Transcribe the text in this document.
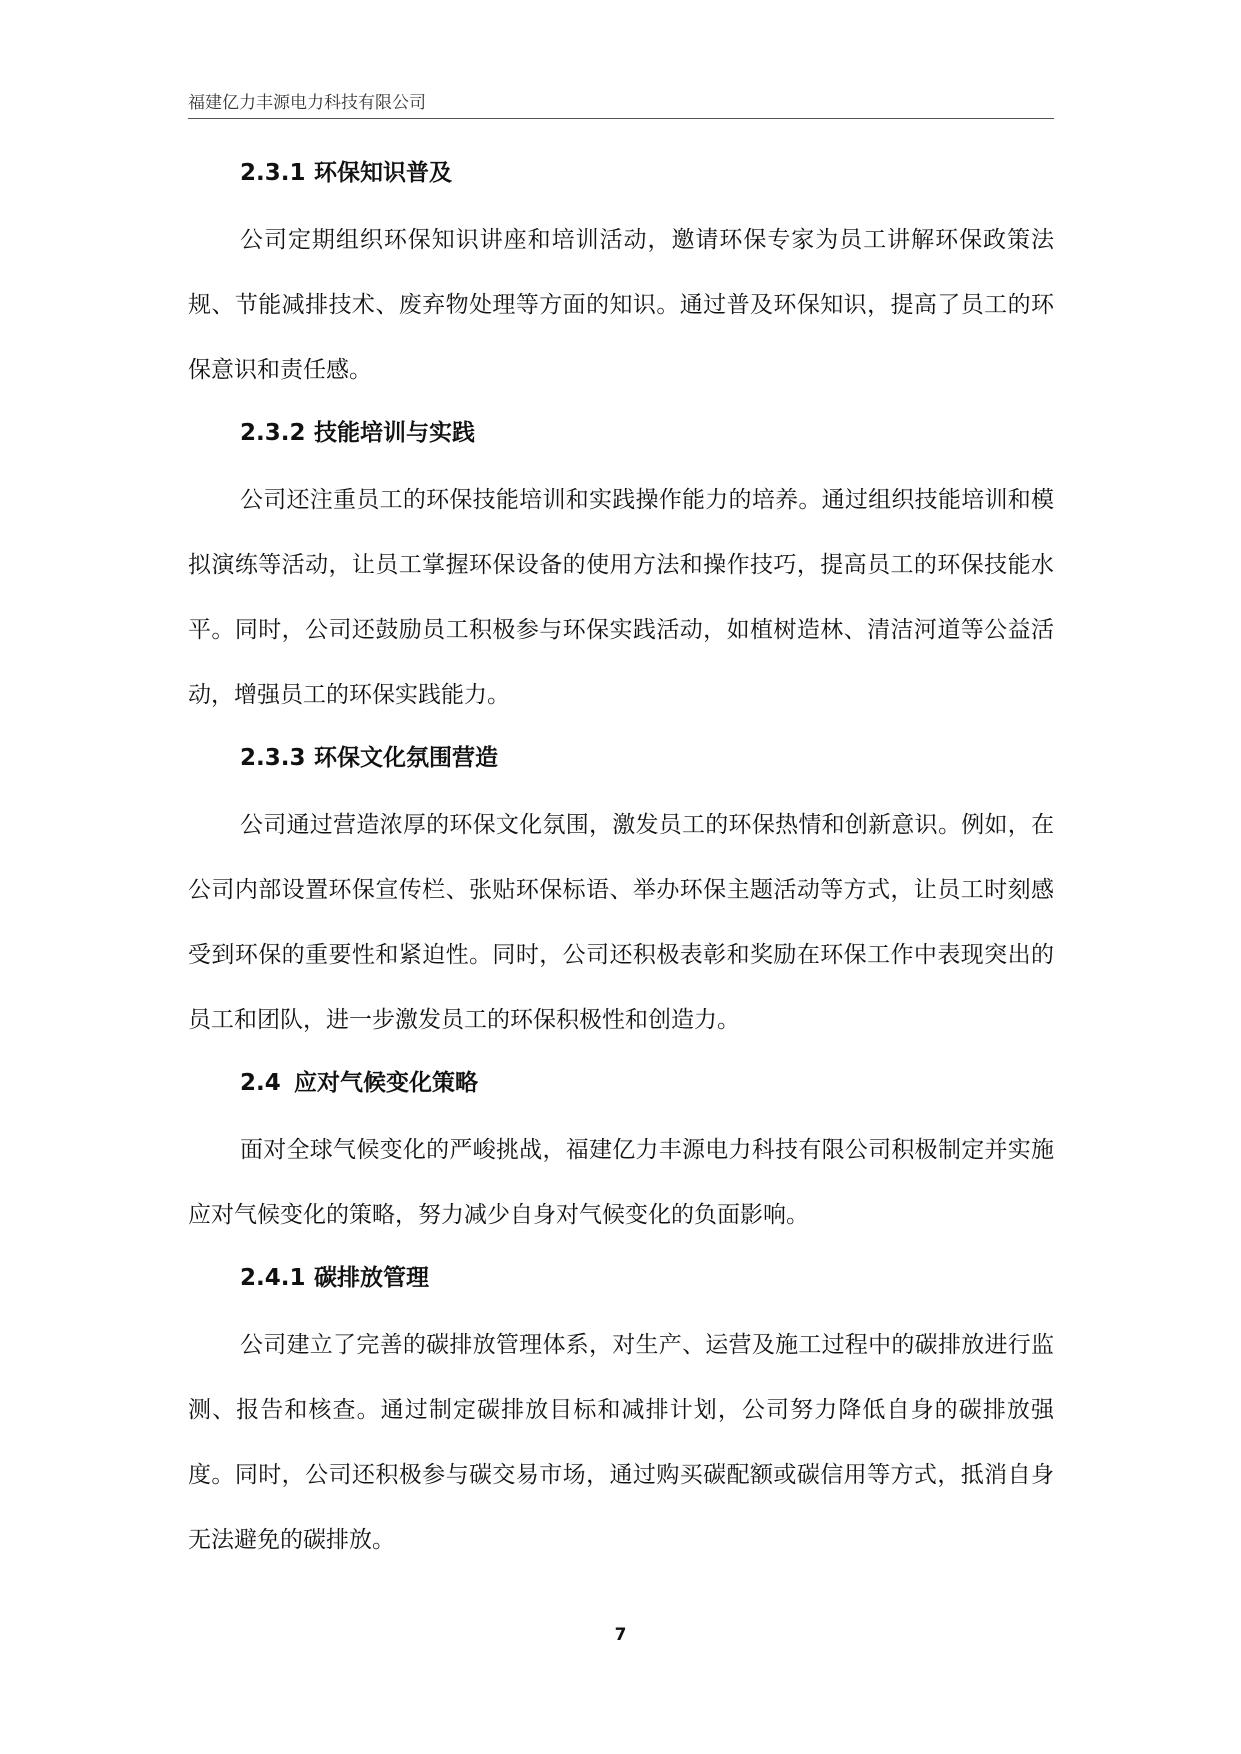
福建亿力丰源电力科技有限公司
2.3.1 环保知识普及

公司定期组织环保知识讲座和培训活动，邀请环保专家为员工讲解环保政策法规、节能减排技术、废弃物处理等方面的知识。通过普及环保知识，提高了员工的环保意识和责任感。

2.3.2 技能培训与实践

公司还注重员工的环保技能培训和实践操作能力的培养。通过组织技能培训和模拟演练等活动，让员工掌握环保设备的使用方法和操作技巧，提高员工的环保技能水平。同时，公司还鼓励员工积极参与环保实践活动，如植树造林、清洁河道等公益活动，增强员工的环保实践能力。

2.3.3 环保文化氛围营造

公司通过营造浓厚的环保文化氛围，激发员工的环保热情和创新意识。例如，在公司内部设置环保宣传栏、张贴环保标语、举办环保主题活动等方式，让员工时刻感受到环保的重要性和紧迫性。同时，公司还积极表彰和奖励在环保工作中表现突出的员工和团队，进一步激发员工的环保积极性和创造力。

2.4 应对气候变化策略

面对全球气候变化的严峻挑战，福建亿力丰源电力科技有限公司积极制定并实施应对气候变化的策略，努力减少自身对气候变化的负面影响。

2.4.1 碳排放管理

公司建立了完善的碳排放管理体系，对生产、运营及施工过程中的碳排放进行监测、报告和核查。通过制定碳排放目标和减排计划，公司努力降低自身的碳排放强度。同时，公司还积极参与碳交易市场，通过购买碳配额或碳信用等方式，抵消自身无法避免的碳排放。

7
